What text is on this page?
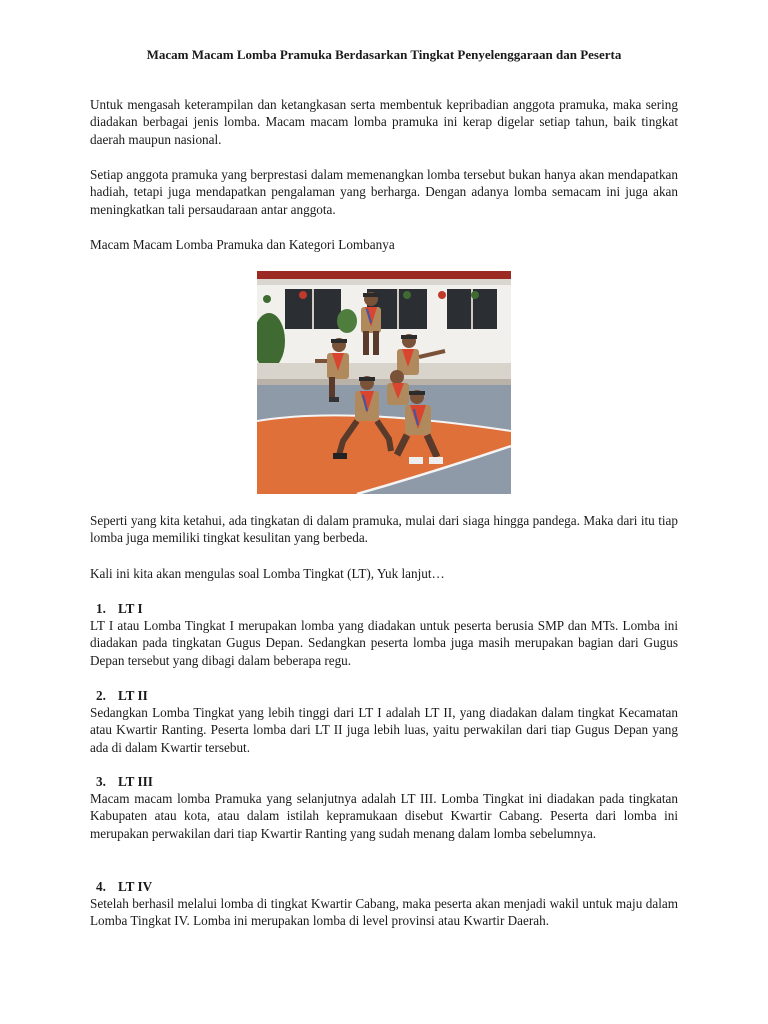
Macam Macam Lomba Pramuka Berdasarkan Tingkat Penyelenggaraan dan Peserta

Untuk mengasah keterampilan dan ketangkasan serta membentuk kepribadian anggota pramuka, maka sering diadakan berbagai jenis lomba. Macam macam lomba pramuka ini kerap digelar setiap tahun, baik tingkat daerah maupun nasional.

Setiap anggota pramuka yang berprestasi dalam memenangkan lomba tersebut bukan hanya akan mendapatkan hadiah, tetapi juga mendapatkan pengalaman yang berharga. Dengan adanya lomba semacam ini juga akan meningkatkan tali persaudaraan antar anggota.

Macam Macam Lomba Pramuka dan Kategori Lombanya

Seperti yang kita ketahui, ada tingkatan di dalam pramuka, mulai dari siaga hingga pandega. Maka dari itu tiap lomba juga memiliki tingkat kesulitan yang berbeda.

Kali ini kita akan mengulas soal Lomba Tingkat (LT), Yuk lanjut…

1. LT I

LT I atau Lomba Tingkat I merupakan lomba yang diadakan untuk peserta berusia SMP dan MTs. Lomba ini diadakan pada tingkatan Gugus Depan. Sedangkan peserta lomba juga masih merupakan bagian dari Gugus Depan tersebut yang dibagi dalam beberapa regu.

2. LT II

Sedangkan Lomba Tingkat yang lebih tinggi dari LT I adalah LT II, yang diadakan dalam tingkat Kecamatan atau Kwartir Ranting. Peserta lomba dari LT II juga lebih luas, yaitu perwakilan dari tiap Gugus Depan yang ada di dalam Kwartir tersebut.

3. LT III

Macam macam lomba Pramuka yang selanjutnya adalah LT III. Lomba Tingkat ini diadakan pada tingkatan Kabupaten atau kota, atau dalam istilah kepramukaan disebut Kwartir Cabang. Peserta dari lomba ini merupakan perwakilan dari tiap Kwartir Ranting yang sudah menang dalam lomba sebelumnya.

4. LT IV

Setelah berhasil melalui lomba di tingkat Kwartir Cabang, maka peserta akan menjadi wakil untuk maju dalam Lomba Tingkat IV. Lomba ini merupakan lomba di level provinsi atau Kwartir Daerah.
